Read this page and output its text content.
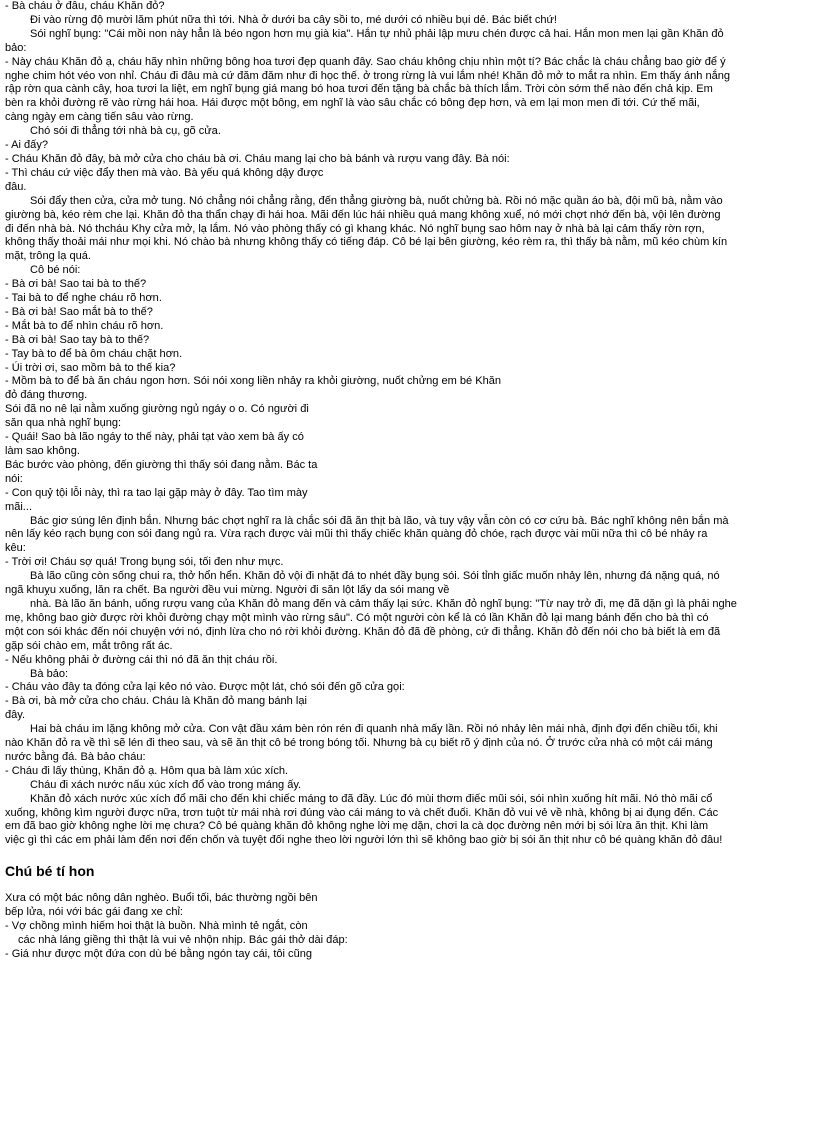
- Bà cháu ở đâu, cháu Khăn đỏ?
Đi vào rừng độ mười lăm phút nữa thì tới. Nhà ở dưới ba cây sồi to, mé dưới có nhiều bụi dẻ. Bác biết chứ!
Sói nghĩ bụng: "Cái mồi non này hẳn là béo ngon hơn mụ già kia". Hắn tự nhủ phải lập mưu chén được cả hai. Hắn mon men lại gần Khăn đỏ
bảo:
- Này cháu Khăn đỏ ạ, cháu hãy nhìn những bông hoa tươi đẹp quanh đây. Sao cháu không chịu nhìn một tí? Bác chắc là cháu chẳng bao giờ để ý
nghe chim hót véo von nhỉ. Cháu đi đâu mà cứ đăm đăm như đi học thế. ở trong rừng là vui lắm nhé! Khăn đỏ mở to mắt ra nhìn. Em thấy ánh nắng
rập rờn qua cành cây, hoa tươi la liệt, em nghĩ bụng giá mang bó hoa tươi đến tặng bà chắc bà thích lắm. Trời còn sớm thế nào đến chả kịp. Em
bèn ra khỏi đường rẽ vào rừng hái hoa. Hái được một bông, em nghĩ là vào sâu chắc có bông đẹp hơn, và em lại mon men đi tới. Cứ thế mãi,
càng ngày em càng tiến sâu vào rừng.
Chó sói đi thẳng tới nhà bà cụ, gõ cửa.
- Ai đấy?
- Cháu Khăn đỏ đây, bà mở cửa cho cháu bà ơi. Cháu mang lại cho bà bánh và rượu vang đây. Bà nói:
- Thì cháu cứ việc đẩy then mà vào. Bà yếu quá không dậy được
đâu.
Sói đẩy then cửa, cửa mở tung. Nó chẳng nói chẳng rằng, đến thẳng giường bà, nuốt chửng bà. Rồi nó mặc quần áo bà, đội mũ bà, nằm vào
giường bà, kéo rèm che lại. Khăn đỏ tha thẩn chạy đi hái hoa. Mãi đến lúc hái nhiều quá mang không xuể, nó mới chợt nhớ đến bà, vội lên đường
đi đến nhà bà. Nó thcháu Khy cửa mở, lạ lắm. Nó vào phòng thấy có gì khang khác. Nó nghĩ bụng sao hôm nay ở nhà bà lại cảm thấy rờn rợn,
không thấy thoải mái như mọi khi. Nó chào bà nhưng không thấy có tiếng đáp. Cô bé lại bên giường, kéo rèm ra, thì thấy bà nằm, mũ kéo chùm kín
mặt, trông lạ quá.
Cô bé nói:
- Bà ơi bà! Sao tai bà to thế?
- Tai bà to để nghe cháu rõ hơn.
- Bà ơi bà! Sao mắt bà to thế?
- Mắt bà to để nhìn cháu rõ hơn.
- Bà ơi bà! Sao tay bà to thế?
- Tay bà to để bà ôm cháu chặt hơn.
- Úi trời ơi, sao mồm bà to thế kia?
- Mồm bà to để bà ăn cháu ngon hơn. Sói nói xong liền nhảy ra khỏi giường, nuốt chửng em bé Khăn
đỏ đáng thương.
Sói đã no nê lại nằm xuống giường ngủ ngáy o o. Có người đi
săn qua nhà nghĩ bụng:
- Quái! Sao bà lão ngáy to thế này, phải tạt vào xem bà ấy có
làm sao không.
Bác bước vào phòng, đến giường thì thấy sói đang nằm. Bác ta
nói:
- Con quỷ tội lỗi này, thì ra tao lại gặp mày ở đây. Tao tìm mày
mãi...
Bác giơ súng lên định bắn. Nhưng bác chợt nghĩ ra là chắc sói đã ăn thịt bà lão, và tuy vậy vẫn còn có cơ cứu bà. Bác nghĩ không nên bắn mà
nên lấy kéo rạch bụng con sói đang ngủ ra. Vừa rạch được vài mũi thì thấy chiếc khăn quàng đỏ chóe, rạch được vài mũi nữa thì cô bé nhảy ra
kêu:
- Trời ơi! Cháu sợ quá! Trong bụng sói, tối đen như mực.
Bà lão cũng còn sống chui ra, thở hổn hển. Khăn đỏ vội đi nhặt đá to nhét đầy bụng sói. Sói tỉnh giấc muốn nhảy lên, nhưng đá nặng quá, nó
ngã khuỵu xuống, lăn ra chết. Ba người đều vui mừng. Người đi săn lột lấy da sói mang về
nhà. Bà lão ăn bánh, uống rượu vang của Khăn đỏ mang đến và cảm thấy lại sức. Khăn đỏ nghĩ bụng: "Từ nay trở đi, mẹ đã dặn gì là phải nghe
mẹ, không bao giờ được rời khỏi đường chạy một mình vào rừng sâu". Có một người còn kể là có lần Khăn đỏ lại mang bánh đến cho bà thì có
một con sói khác đến nói chuyện với nó, định lừa cho nó rời khỏi đường. Khăn đỏ đã đề phòng, cứ đi thẳng. Khăn đỏ đến nói cho bà biết là em đã
gặp sói chào em, mắt trông rất ác.
- Nếu không phải ở đường cái thì nó đã ăn thịt cháu rồi.
Bà bảo:
- Cháu vào đây ta đóng cửa lại kẻo nó vào. Được một lát, chó sói đến gõ cửa gọi:
- Bà ơi, bà mở cửa cho cháu. Cháu là Khăn đỏ mang bánh lại
đây.
Hai bà cháu im lặng không mở cửa. Con vật đầu xám bèn rón rén đi quanh nhà mấy lần. Rồi nó nhảy lên mái nhà, định đợi đến chiều tối, khi
nào Khăn đỏ ra về thì sẽ lén đi theo sau, và sẽ ăn thịt cô bé trong bóng tối. Nhưng bà cụ biết rõ ý định của nó. Ở trước cửa nhà có một cái máng
nước bằng đá. Bà bảo cháu:
- Cháu đi lấy thùng, Khăn đỏ ạ. Hôm qua bà làm xúc xích.
Cháu đi xách nước nấu xúc xích đổ vào trong máng ấy.
Khăn đỏ xách nước xúc xích đổ mãi cho đến khi chiếc máng to đã đầy. Lúc đó mùi thơm điếc mũi sói, sói nhìn xuống hít mãi. Nó thò mãi cổ
xuống, không kìm người được nữa, trơn tuột từ mái nhà rơi đúng vào cái máng to và chết đuối. Khăn đỏ vui vẻ về nhà, không bị ai đụng đến. Các
em đã bao giờ không nghe lời mẹ chưa? Cô bé quàng khăn đỏ không nghe lời mẹ dặn, chơi la cà dọc đường nên mới bị sói lừa ăn thịt. Khi làm
việc gì thì các em phải làm đến nơi đến chốn và tuyệt đối nghe theo lời người lớn thì sẽ không bao giờ bị sói ăn thịt như cô bé quàng khăn đỏ đâu!
Chú bé tí hon
Xưa có một bác nông dân nghèo. Buổi tối, bác thường ngồi bên
bếp lửa, nói với bác gái đang xe chỉ:
- Vợ chồng mình hiếm hoi thật là buồn. Nhà mình tẻ ngắt, còn
các nhà láng giềng thì thật là vui vẻ nhộn nhịp. Bác gái thở dài đáp:
- Giá như được một đứa con dù bé bằng ngón tay cái, tôi cũng
